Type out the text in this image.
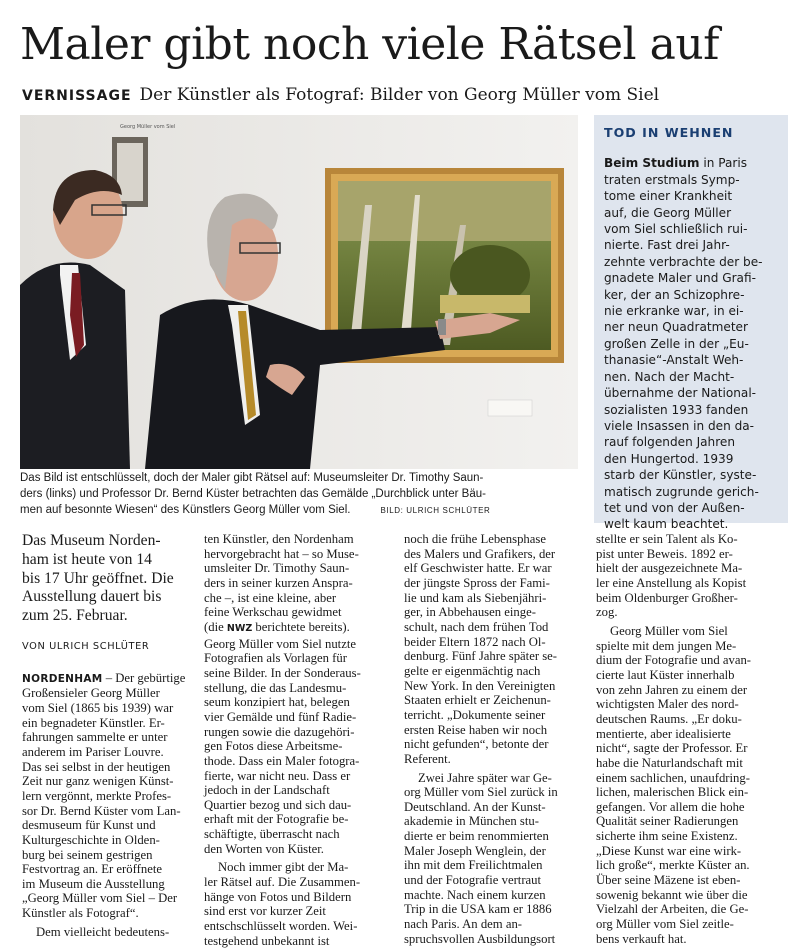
Maler gibt noch viele Rätsel auf
VERNISSAGE Der Künstler als Fotograf: Bilder von Georg Müller vom Siel
Georg Müller vom Siel
Das Bild ist entschlüsselt, doch der Maler gibt Rätsel auf: Museumsleiter Dr. Timothy Saun-
ders (links) und Professor Dr. Bernd Küster betrachten das Gemälde „Durchblick unter Bäu-
men auf besonnte Wiesen“ des Künstlers Georg Müller vom Siel.	BILD: ULRICH SCHLÜTER
TOD IN WEHNEN
Beim Studium in Paris
traten erstmals Symp-
tome einer Krankheit
auf, die Georg Müller
vom Siel schließlich rui-
nierte. Fast drei Jahr-
zehnte verbrachte der be-
gnadete Maler und Grafi-
ker, der an Schizophre-
nie erkranke war, in ei-
ner neun Quadratmeter
großen Zelle in der „Eu-
thanasie“-Anstalt Weh-
nen. Nach der Macht-
übernahme der National-
sozialisten 1933 fanden
viele Insassen in den da-
rauf folgenden Jahren
den Hungertod. 1939
starb der Künstler, syste-
matisch zugrunde gerich-
tet und von der Außen-
welt kaum beachtet.
Das Museum Norden-
ham ist heute von 14
bis 17 Uhr geöffnet. Die
Ausstellung dauert bis
zum 25. Februar.
VON ULRICH SCHLÜTER
NORDENHAM – Der gebürtige
Großensieler Georg Müller
vom Siel (1865 bis 1939) war
ein begnadeter Künstler. Er-
fahrungen sammelte er unter
anderem im Pariser Louvre.
Das sei selbst in der heutigen
Zeit nur ganz wenigen Künst-
lern vergönnt, merkte Profes-
sor Dr. Bernd Küster vom Lan-
desmuseum für Kunst und
Kulturgeschichte in Olden-
burg bei seinem gestrigen
Festvortrag an. Er eröffnete
im Museum die Ausstellung
„Georg Müller vom Siel – Der
Künstler als Fotograf“.
Dem vielleicht bedeutens-
ten Künstler, den Nordenham
hervorgebracht hat – so Muse-
umsleiter Dr. Timothy Saun-
ders in seiner kurzen Anspra-
che –, ist eine kleine, aber
feine Werkschau gewidmet
(die NWZ berichtete bereits).
Georg Müller vom Siel nutzte
Fotografien als Vorlagen für
seine Bilder. In der Sonderaus-
stellung, die das Landesmu-
seum konzipiert hat, belegen
vier Gemälde und fünf Radie-
rungen sowie die dazugehöri-
gen Fotos diese Arbeitsme-
thode. Dass ein Maler fotogra-
fierte, war nicht neu. Dass er
jedoch in der Landschaft
Quartier bezog und sich dau-
erhaft mit der Fotografie be-
schäftigte, überrascht nach
den Worten von Küster.
Noch immer gibt der Ma-
ler Rätsel auf. Die Zusammen-
hänge von Fotos und Bildern
sind erst vor kurzer Zeit
entschschlüsselt worden. Wei-
testgehend unbekannt ist
noch die frühe Lebensphase
des Malers und Grafikers, der
elf Geschwister hatte. Er war
der jüngste Spross der Fami-
lie und kam als Siebenjähri-
ger, in Abbehausen einge-
schult, nach dem frühen Tod
beider Eltern 1872 nach Ol-
denburg. Fünf Jahre später se-
gelte er eigenmächtig nach
New York. In den Vereinigten
Staaten erhielt er Zeichenun-
terricht. „Dokumente seiner
ersten Reise haben wir noch
nicht gefunden“, betonte der
Referent.
Zwei Jahre später war Ge-
org Müller vom Siel zurück in
Deutschland. An der Kunst-
akademie in München stu-
dierte er beim renommierten
Maler Joseph Wenglein, der
ihn mit dem Freilichtmalen
und der Fotografie vertraut
machte. Nach einem kurzen
Trip in die USA kam er 1886
nach Paris. An dem an-
spruchsvollen Ausbildungsort
stellte er sein Talent als Ko-
pist unter Beweis. 1892 er-
hielt der ausgezeichnete Ma-
ler eine Anstellung als Kopist
beim Oldenburger Großher-
zog.
Georg Müller vom Siel
spielte mit dem jungen Me-
dium der Fotografie und avan-
cierte laut Küster innerhalb
von zehn Jahren zu einem der
wichtigsten Maler des nord-
deutschen Raums. „Er doku-
mentierte, aber idealisierte
nicht“, sagte der Professor. Er
habe die Naturlandschaft mit
einem sachlichen, unaufdring-
lichen, malerischen Blick ein-
gefangen. Vor allem die hohe
Qualität seiner Radierungen
sicherte ihm seine Existenz.
„Diese Kunst war eine wirk-
lich große“, merkte Küster an.
Über seine Mäzene ist eben-
sowenig bekannt wie über die
Vielzahl der Arbeiten, die Ge-
org Müller vom Siel zeitle-
bens verkauft hat.
